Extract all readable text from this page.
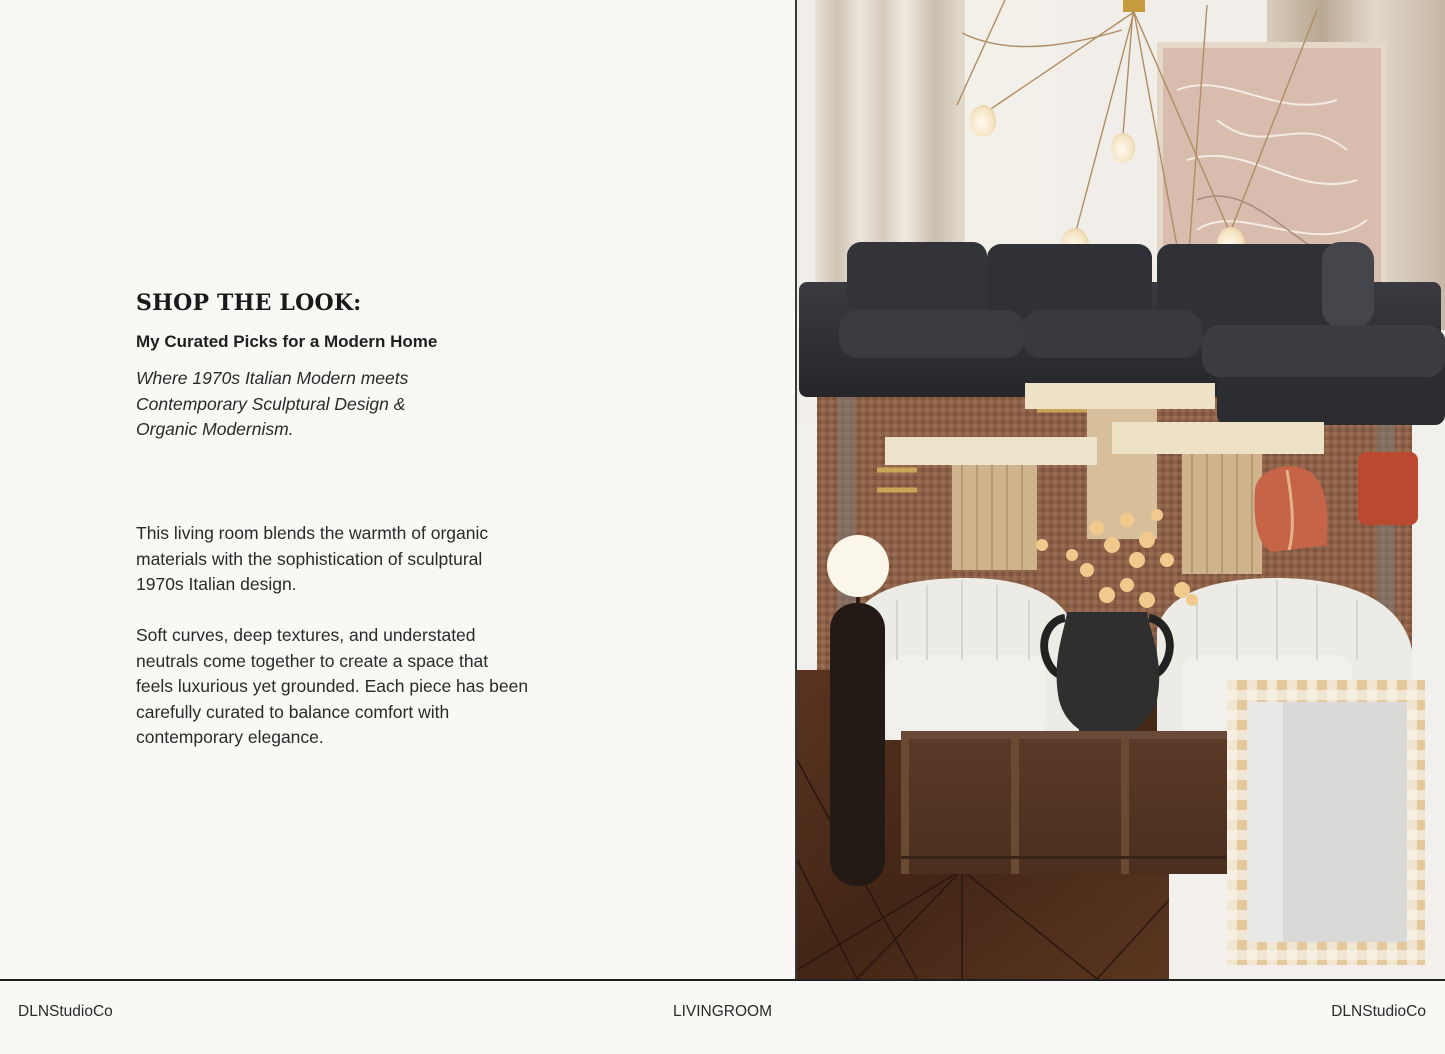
SHOP THE LOOK:
My Curated Picks for a Modern Home

Where 1970s Italian Modern meets
Contemporary Sculptural Design &
Organic Modernism.

This living room blends the warmth of organic
materials with the sophistication of sculptural
1970s Italian design.

Soft curves, deep textures, and understated
neutrals come together to create a space that
feels luxurious yet grounded. Each piece has been
carefully curated to balance comfort with
contemporary elegance.

DLNStudioCo	LIVINGROOM	DLNStudioCo
